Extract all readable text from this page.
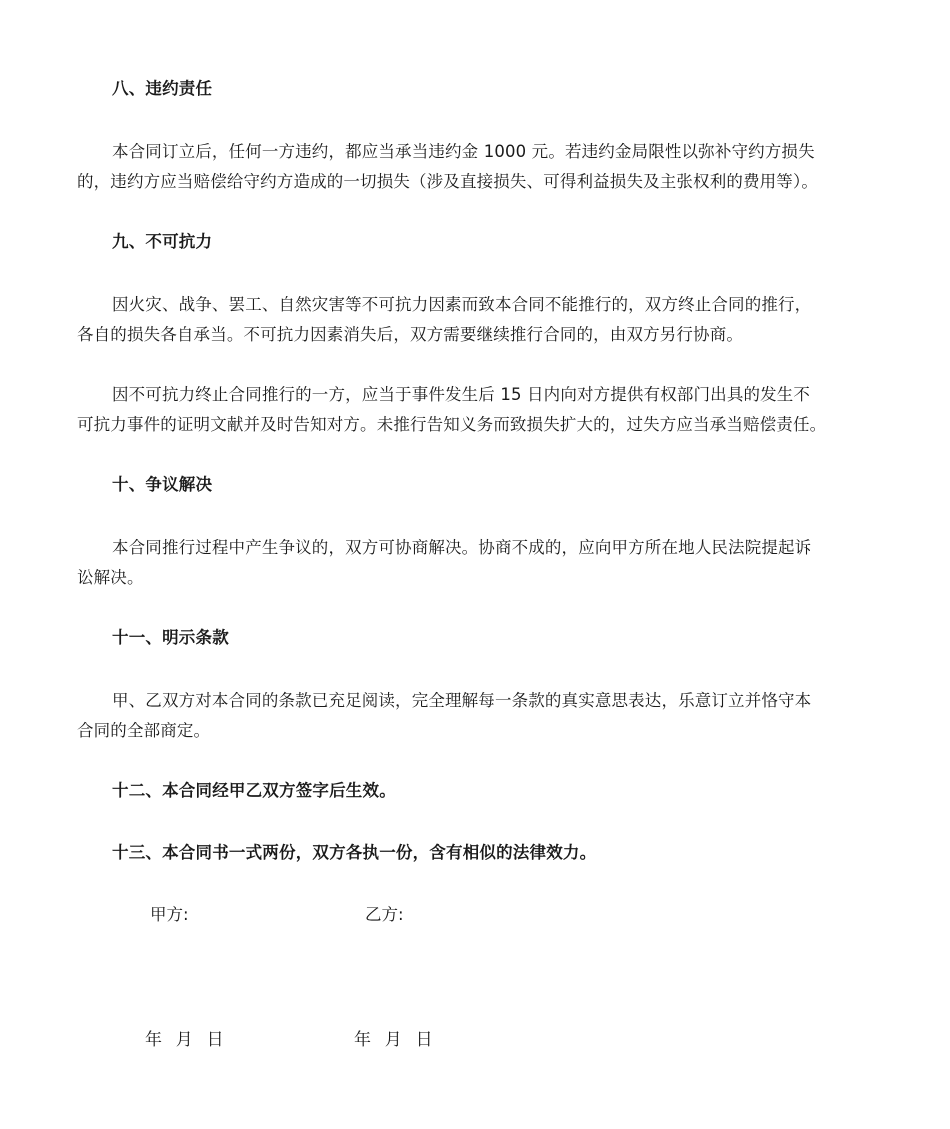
八、违约责任
本合同订立后，任何一方违约，都应当承当违约金 1000 元。若违约金局限性以弥补守约方损失
的，违约方应当赔偿给守约方造成的一切损失（涉及直接损失、可得利益损失及主张权利的费用等）。
九、不可抗力
因火灾、战争、罢工、自然灾害等不可抗力因素而致本合同不能推行的，双方终止合同的推行，
各自的损失各自承当。不可抗力因素消失后，双方需要继续推行合同的，由双方另行协商。
因不可抗力终止合同推行的一方，应当于事件发生后 15 日内向对方提供有权部门出具的发生不
可抗力事件的证明文献并及时告知对方。未推行告知义务而致损失扩大的，过失方应当承当赔偿责任。
十、争议解决
本合同推行过程中产生争议的，双方可协商解决。协商不成的，应向甲方所在地人民法院提起诉
讼解决。
十一、明示条款
甲、乙双方对本合同的条款已充足阅读，完全理解每一条款的真实意思表达，乐意订立并恪守本
合同的全部商定。
十二、本合同经甲乙双方签字后生效。
十三、本合同书一式两份，双方各执一份，含有相似的法律效力。
甲方:	乙方:
年  月  日	年  月  日
